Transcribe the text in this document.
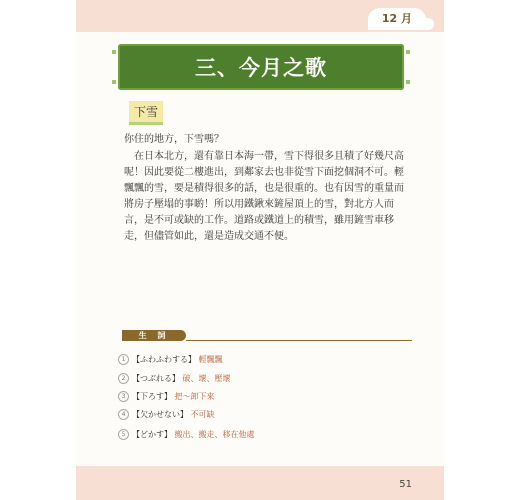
12 月
三、今月之歌
下雪
你住的地方，下雪嗎？
在日本北方，還有靠日本海一帶，雪下得很多且積了好幾尺高呢！因此要從二樓進出，到鄰家去也非從雪下面挖個洞不可。輕飄飄的雪，要是積得很多的話，也是很重的。也有因雪的重量而將房子壓塌的事喲！所以用鐵鍬來鏟屋頂上的雪，對北方人而言，是不可或缺的工作。道路或鐵道上的積雪，雖用鏟雪車移走，但儘管如此，還是造成交通不便。
生 詞
1 【ふわふわする】 輕飄飄
2 【つぶれる】 破、壞、壓壞
3 【下ろす】 把～卸下來
4 【欠かせない】 不可缺
5 【どかす】 搬出、搬走、移在他處
51
